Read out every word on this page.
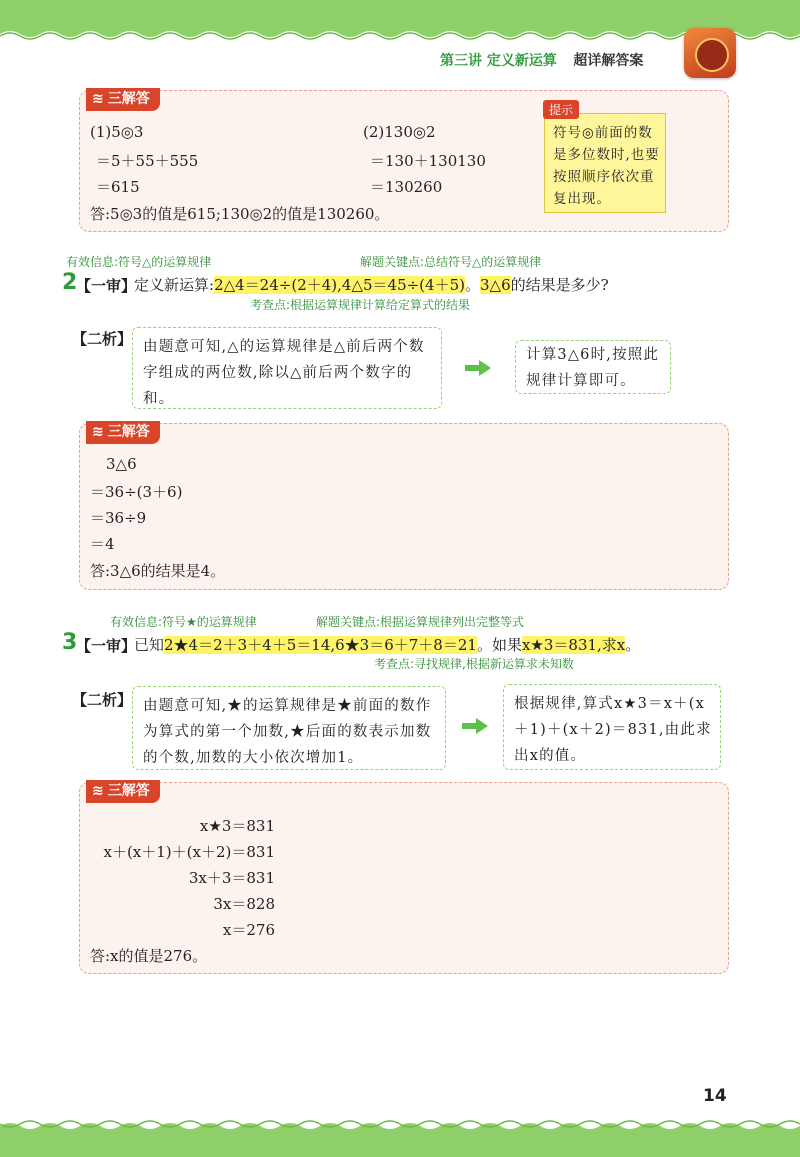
第三讲 定义新运算 超详解答案
≋ 三解答
(1)5◎3
＝5＋55＋555
＝615
(2)130◎2
＝130＋130130
＝130260
答:5◎3的值是615;130◎2的值是130260。
提示
符号◎前面的数是多位数时,也要按照顺序依次重复出现。
有效信息:符号△的运算规律	解题关键点:总结符号△的运算规律
2
【一审】
定义新运算:2△4＝24÷(2＋4),4△5＝45÷(4＋5)。3△6的结果是多少?
考查点:根据运算规律计算给定算式的结果
【二析】 由题意可知,△的运算规律是△前后两个数字组成的两位数,除以△前后两个数字的和。
计算3△6时,按照此规律计算即可。
≋ 三解答
3△6
＝36÷(3＋6)
＝36÷9
＝4
答:3△6的结果是4。
有效信息:符号★的运算规律	解题关键点:根据运算规律列出完整等式
3
【一审】
已知2★4＝2＋3＋4＋5＝14,6★3＝6＋7＋8＝21。如果x★3＝831,求x。
考查点:寻找规律,根据新运算求未知数
【二析】 由题意可知,★的运算规律是★前面的数作为算式的第一个加数,★后面的数表示加数的个数,加数的大小依次增加1。
根据规律,算式x★3＝x＋(x＋1)＋(x＋2)＝831,由此求出x的值。
≋ 三解答
x★3＝831
x＋(x＋1)＋(x＋2)＝831
3x＋3＝831
3x＝828
x＝276
答:x的值是276。
14
